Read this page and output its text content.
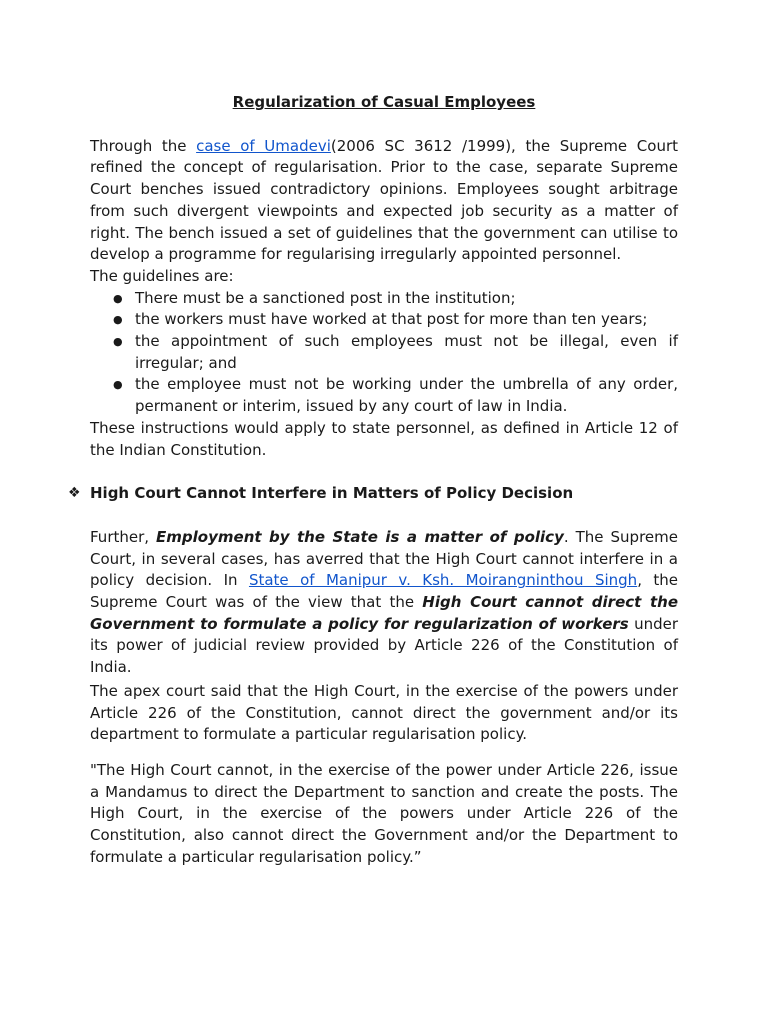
Regularization of Casual Employees

Through the case of Umadevi(2006 SC 3612 /1999), the Supreme Court refined the concept of regularisation. Prior to the case, separate Supreme Court benches issued contradictory opinions. Employees sought arbitrage from such divergent viewpoints and expected job security as a matter of right. The bench issued a set of guidelines that the government can utilise to develop a programme for regularising irregularly appointed personnel.

The guidelines are:

● There must be a sanctioned post in the institution;
● the workers must have worked at that post for more than ten years;
● the appointment of such employees must not be illegal, even if irregular; and
● the employee must not be working under the umbrella of any order, permanent or interim, issued by any court of law in India.

These instructions would apply to state personnel, as defined in Article 12 of the Indian Constitution.

❖ High Court Cannot Interfere in Matters of Policy Decision

Further, Employment by the State is a matter of policy. The Supreme Court, in several cases, has averred that the High Court cannot interfere in a policy decision. In State of Manipur v. Ksh. Moirangninthou Singh, the Supreme Court was of the view that the High Court cannot direct the Government to formulate a policy for regularization of workers under its power of judicial review provided by Article 226 of the Constitution of India.

The apex court said that the High Court, in the exercise of the powers under Article 226 of the Constitution, cannot direct the government and/or its department to formulate a particular regularisation policy.

"The High Court cannot, in the exercise of the power under Article 226, issue a Mandamus to direct the Department to sanction and create the posts. The High Court, in the exercise of the powers under Article 226 of the Constitution, also cannot direct the Government and/or the Department to formulate a particular regularisation policy.”
